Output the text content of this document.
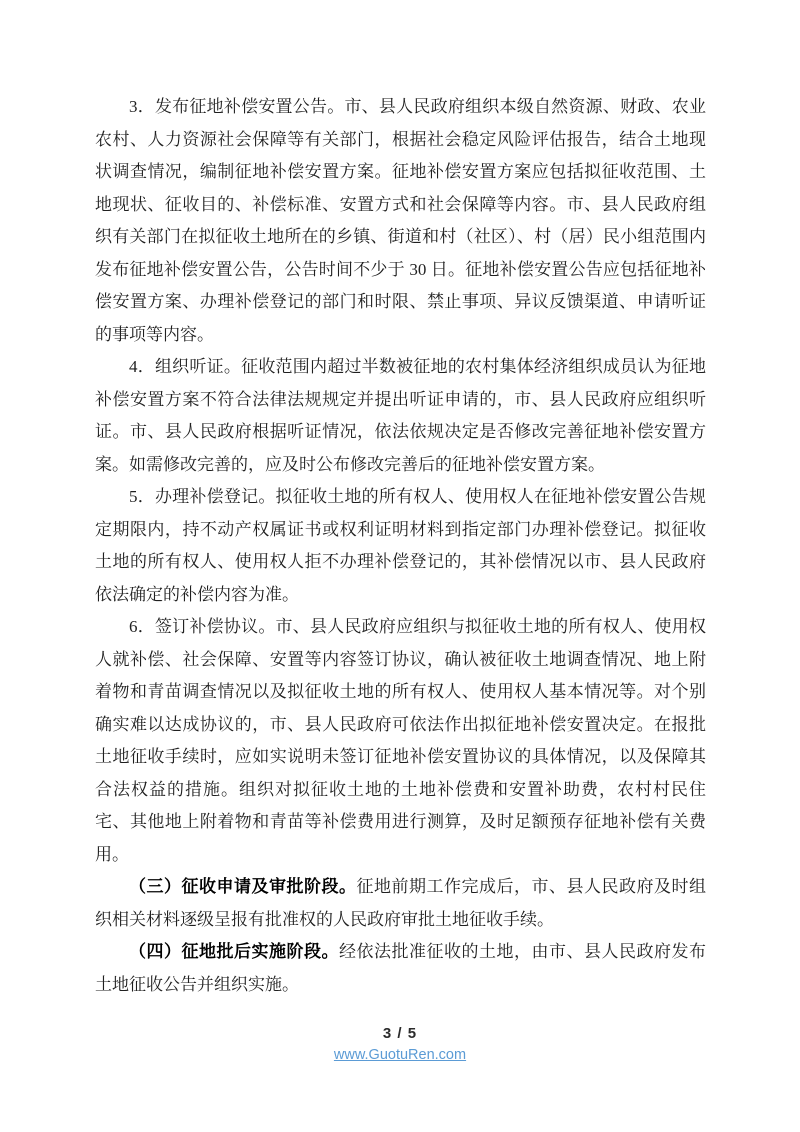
3．发布征地补偿安置公告。市、县人民政府组织本级自然资源、财政、农业农村、人力资源社会保障等有关部门，根据社会稳定风险评估报告，结合土地现状调查情况，编制征地补偿安置方案。征地补偿安置方案应包括拟征收范围、土地现状、征收目的、补偿标准、安置方式和社会保障等内容。市、县人民政府组织有关部门在拟征收土地所在的乡镇、街道和村（社区）、村（居）民小组范围内发布征地补偿安置公告，公告时间不少于 30 日。征地补偿安置公告应包括征地补偿安置方案、办理补偿登记的部门和时限、禁止事项、异议反馈渠道、申请听证的事项等内容。

4．组织听证。征收范围内超过半数被征地的农村集体经济组织成员认为征地补偿安置方案不符合法律法规规定并提出听证申请的，市、县人民政府应组织听证。市、县人民政府根据听证情况，依法依规决定是否修改完善征地补偿安置方案。如需修改完善的，应及时公布修改完善后的征地补偿安置方案。

5．办理补偿登记。拟征收土地的所有权人、使用权人在征地补偿安置公告规定期限内，持不动产权属证书或权利证明材料到指定部门办理补偿登记。拟征收土地的所有权人、使用权人拒不办理补偿登记的，其补偿情况以市、县人民政府依法确定的补偿内容为准。

6．签订补偿协议。市、县人民政府应组织与拟征收土地的所有权人、使用权人就补偿、社会保障、安置等内容签订协议，确认被征收土地调查情况、地上附着物和青苗调查情况以及拟征收土地的所有权人、使用权人基本情况等。对个别确实难以达成协议的，市、县人民政府可依法作出拟征地补偿安置决定。在报批土地征收手续时，应如实说明未签订征地补偿安置协议的具体情况，以及保障其合法权益的措施。组织对拟征收土地的土地补偿费和安置补助费，农村村民住宅、其他地上附着物和青苗等补偿费用进行测算，及时足额预存征地补偿有关费用。

（三）征收申请及审批阶段。征地前期工作完成后，市、县人民政府及时组织相关材料逐级呈报有批准权的人民政府审批土地征收手续。

（四）征地批后实施阶段。经依法批准征收的土地，由市、县人民政府发布土地征收公告并组织实施。

3 / 5
www.GuotuRen.com
